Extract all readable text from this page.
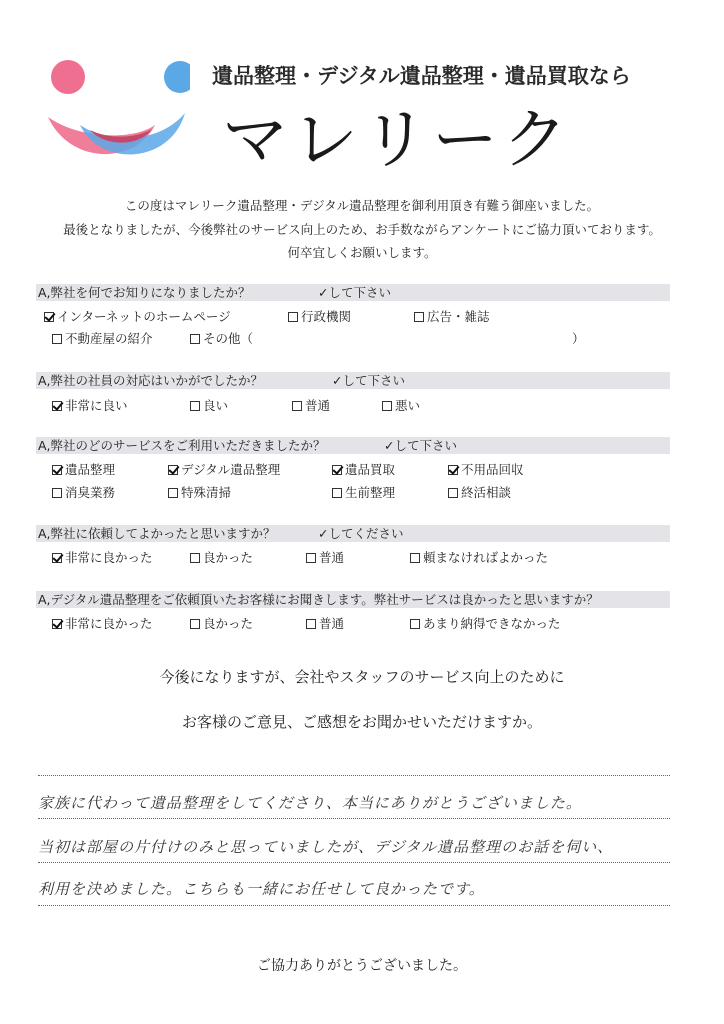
遺品整理・デジタル遺品整理・遺品買取なら
マレリーク
この度はマレリーク遺品整理・デジタル遺品整理を御利用頂き有難う御座いました。
最後となりましたが、今後弊社のサービス向上のため、お手数ながらアンケートにご協力頂いております。
何卒宜しくお願いします。
A,弊社を何でお知りになりましたか？	✓して下さい
インターネットのホームページ	行政機関	広告・雑誌
不動産屋の紹介	その他（	）
A,弊社の社員の対応はいかがでしたか？	✓して下さい
非常に良い	良い	普通	悪い
A,弊社のどのサービスをご利用いただきましたか？	✓して下さい
遺品整理	デジタル遺品整理	遺品買取	不用品回収
消臭業務	特殊清掃	生前整理	終活相談
A,弊社に依頼してよかったと思いますか？	✓してください
非常に良かった	良かった	普通	頼まなければよかった
A,デジタル遺品整理をご依頼頂いたお客様にお聞きします。弊社サービスは良かったと思いますか？
非常に良かった	良かった	普通	あまり納得できなかった
今後になりますが、会社やスタッフのサービス向上のために
お客様のご意見、ご感想をお聞かせいただけますか。
家族に代わって遺品整理をしてくださり、本当にありがとうございました。
当初は部屋の片付けのみと思っていましたが、デジタル遺品整理のお話を伺い、
利用を決めました。こちらも一緒にお任せして良かったです。
ご協力ありがとうございました。
